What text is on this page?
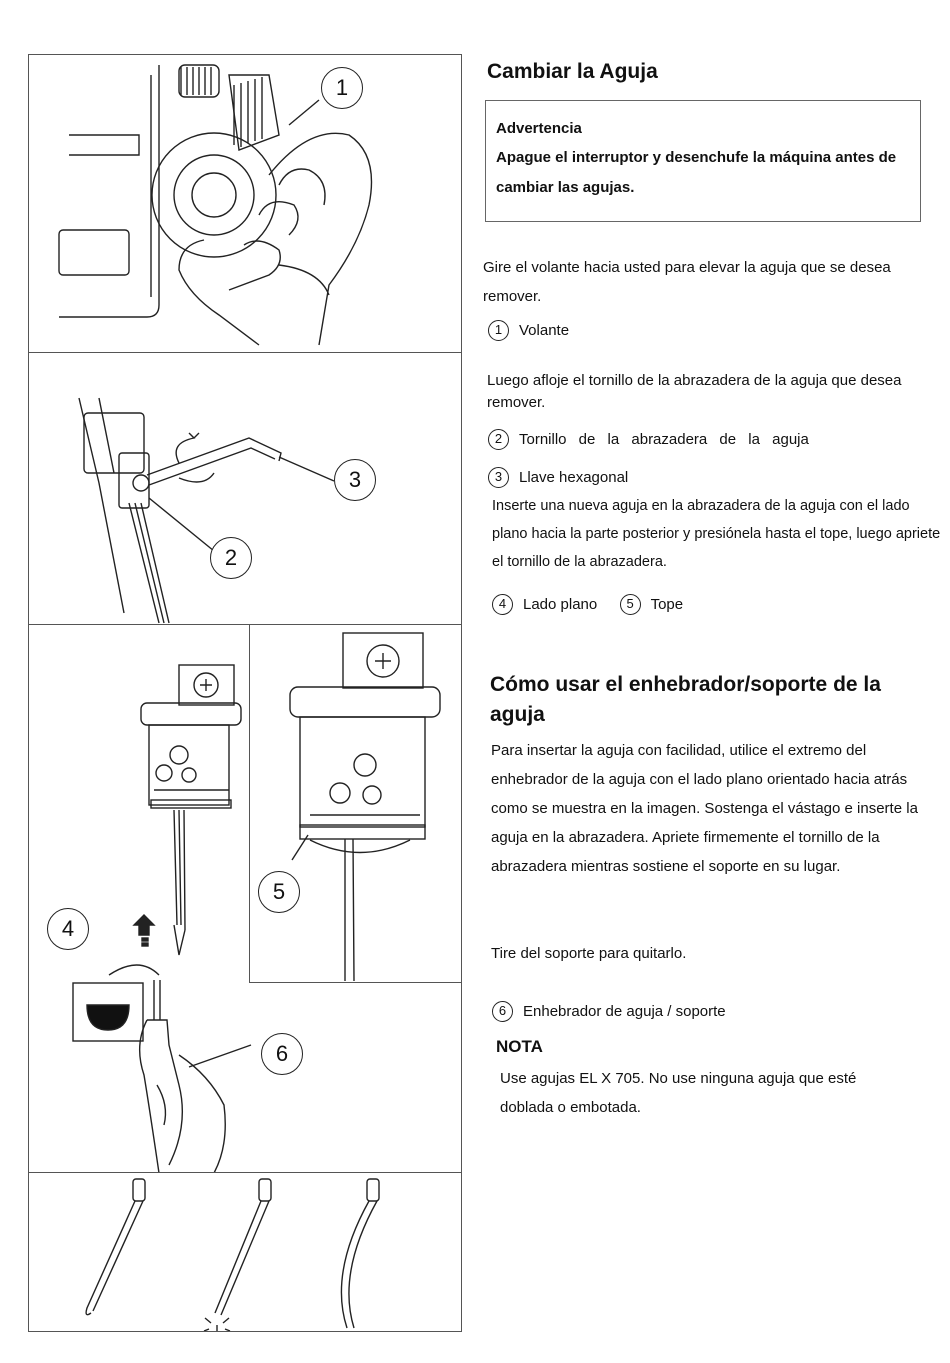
1
3
2
5
4
6
Cambiar la Aguja
Advertencia
Apague el interruptor y desenchufe la máquina antes de cambiar las agujas.
Gire el volante hacia usted para elevar la aguja que se desea remover.
1 Volante
Luego afloje el tornillo de la abrazadera de la aguja que desea remover.
2 Tornillo de la abrazadera de la aguja
3 Llave hexagonal
Inserte una nueva aguja en la abrazadera de la aguja con el lado plano hacia la parte posterior y presiónela hasta el tope, luego apriete el tornillo de la abrazadera.
4 Lado plano 5 Tope
Cómo usar el enhebrador/soporte de la aguja
Para insertar la aguja con facilidad, utilice el extremo del enhebrador de la aguja con el lado plano orientado hacia atrás como se muestra en la imagen. Sostenga el vástago e inserte la aguja en la abrazadera. Apriete firmemente el tornillo de la abrazadera mientras sostiene el soporte en su lugar.
Tire del soporte para quitarlo.
6 Enhebrador de aguja / soporte
NOTA
Use agujas EL X 705. No use ninguna aguja que esté doblada o embotada.
